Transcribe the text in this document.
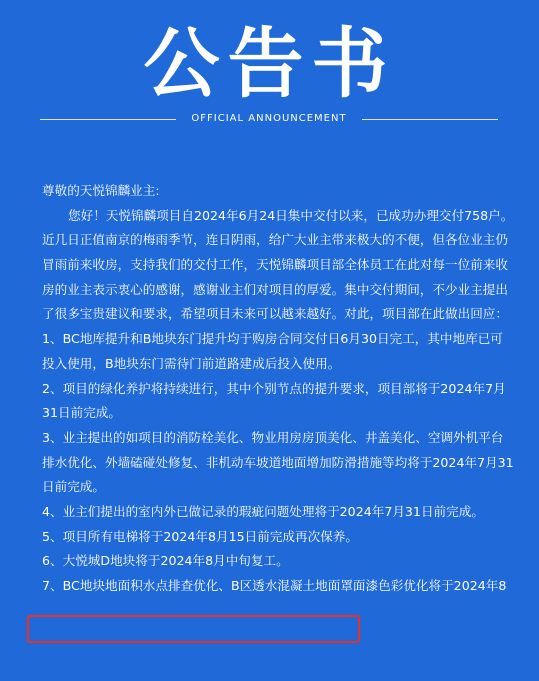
公告书
OFFICIAL ANNOUNCEMENT
尊敬的天悦锦麟业主:
您好！天悦锦麟项目自2024年6月24日集中交付以来，已成功办理交付758户。
近几日正值南京的梅雨季节，连日阴雨，给广大业主带来极大的不便，但各位业主仍
冒雨前来收房，支持我们的交付工作，天悦锦麟项目部全体员工在此对每一位前来收
房的业主表示衷心的感谢，感谢业主们对项目的厚爱。集中交付期间，不少业主提出
了很多宝贵建议和要求，希望项目未来可以越来越好。对此，项目部在此做出回应：
1、BC地库提升和B地块东门提升均于购房合同交付日6月30日完工，其中地库已可
投入使用，B地块东门需待门前道路建成后投入使用。
2、项目的绿化养护将持续进行，其中个别节点的提升要求，项目部将于2024年7月
31日前完成。
3、业主提出的如项目的消防栓美化、物业用房房顶美化、井盖美化、空调外机平台
排水优化、外墙磕碰处修复、非机动车坡道地面增加防滑措施等均将于2024年7月31
日前完成。
4、业主们提出的室内外已做记录的瑕疵问题处理将于2024年7月31日前完成。
5、项目所有电梯将于2024年8月15日前完成再次保养。
6、大悦城D地块将于2024年8月中旬复工。
7、BC地块地面积水点排查优化、B区透水混凝土地面罩面漆色彩优化将于2024年8
